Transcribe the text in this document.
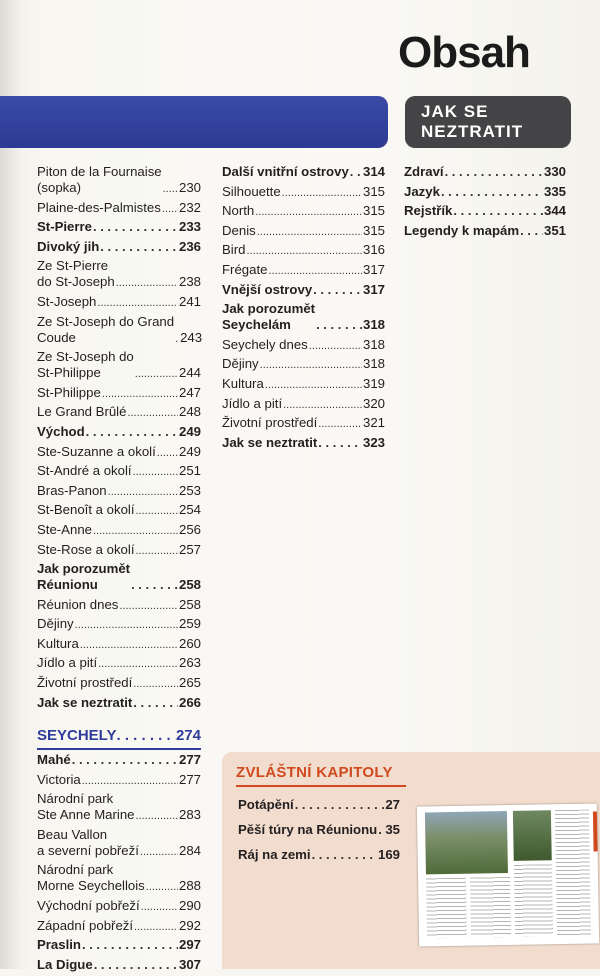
Obsah
JAK SE
NEZTRATIT
Piton de la Fournaise
(sopka) .....	230
Plaine-des-Palmistes ..... 232
St-Pierre . . .	233
Divoký jih . . .	236
Ze St-Pierre
do St-Joseph .....	238
St-Joseph .....	241
Ze St-Joseph do Grand
Coude .....	243
Ze St-Joseph do
St-Philippe .....	244
St-Philippe .....	247
Le Grand Brûlé .....	248
Východ . . .	249
Ste-Suzanne a okolí ..... 249
St-André a okolí .....	251
Bras-Panon .....	253
St-Benoît a okolí .....	254
Ste-Anne .....	256
Ste-Rose a okolí .....	257
Jak porozumět
Réunionu . . .	258
Réunion dnes .....	258
Dějiny .....	259
Kultura .....	260
Jídlo a pití .....	263
Životní prostředí .....	265
Jak se neztratit . . .	266
Další vnitřní ostrovy . . . 314
Silhouette .....	315
North .....	315
Denis .....	315
Bird .....	316
Frégate .....	317
Vnější ostrovy . . .	317
Jak porozumět
Seychelám . . .	318
Seychely dnes .....	318
Dějiny .....	318
Kultura .....	319
Jídlo a pití .....	320
Životní prostředí .....	321
Jak se neztratit . . .	323
Zdraví . . .	330
Jazyk . . .	335
Rejstřík . . .	344
Legendy k mapám . . . 351
SEYCHELY . . .	274
Mahé . . .	277
Victoria .....	277
Národní park
Ste Anne Marine .....	283
Beau Vallon
a severní pobřeží .....	284
Národní park
Morne Seychellois .....	288
Východní pobřeží .....	290
Západní pobřeží .....	292
Praslin . . .	297
La Digue . . .	307
ZVLÁŠTNÍ KAPITOLY
Potápění . . .	27
Pěší túry na Réunionu . . . 35
Ráj na zemi . . .	169
